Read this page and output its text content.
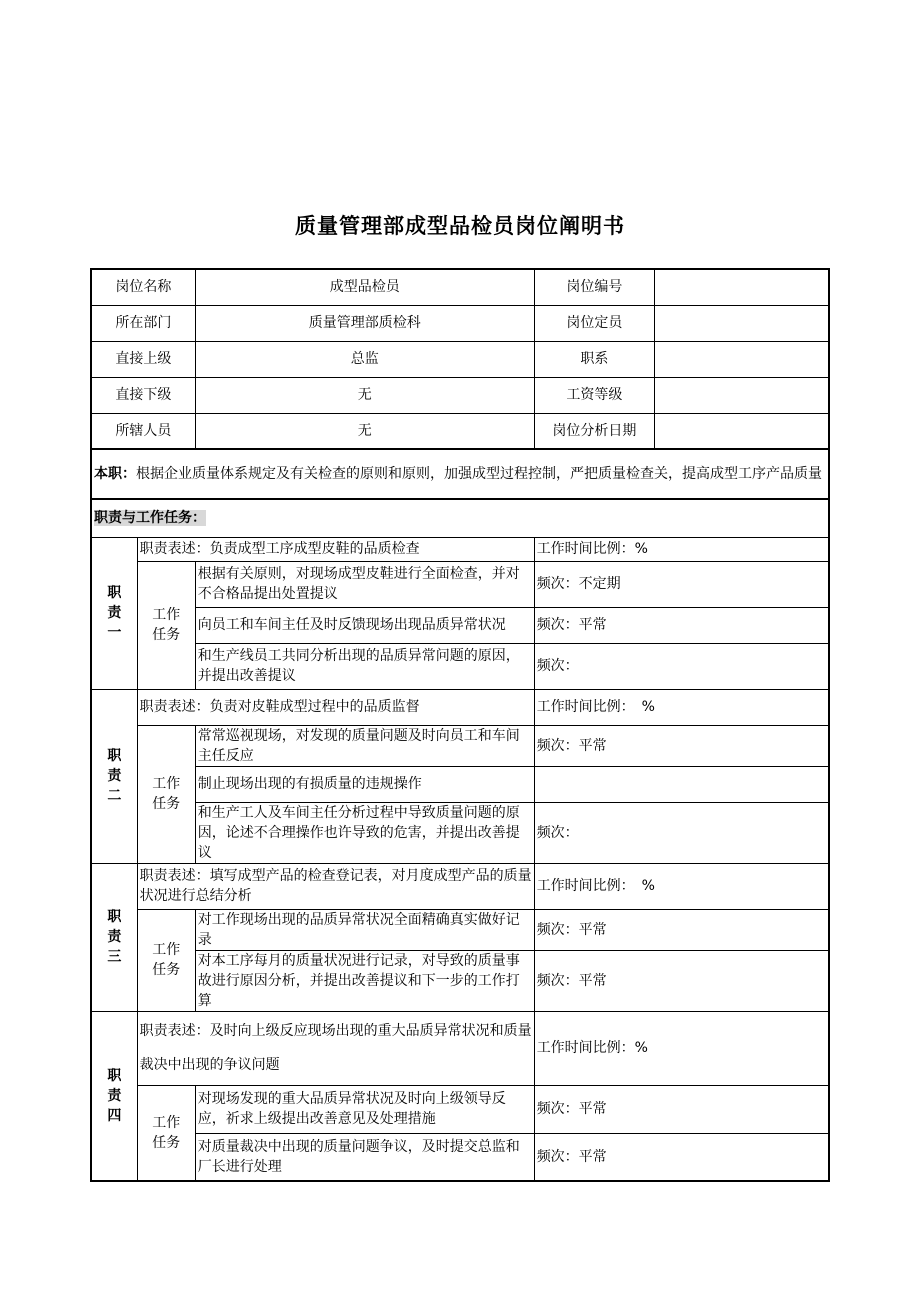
质量管理部成型品检员岗位阐明书
岗位名称		成型品检员	岗位编号	
所在部门		质量管理部质检科	岗位定员	
直接上级		总监	职系	
直接下级		无	工资等级	
所辖人员		无	岗位分析日期	
本职：根据企业质量体系规定及有关检查的原则和原则，加强成型过程控制，严把质量检查关，提高成型工序产品质量				
职责与工作任务：				

职责一	职责表述：负责成型工序成型皮鞋的品质检查		工作时间比例：%	

	工作任务	根据有关原则，对现场成型皮鞋进行全面检查，并对不合格品提出处置提议	频次：不定期	
		向员工和车间主任及时反馈现场出现品质异常状况	频次：平常	
		和生产线员工共同分析出现的品质异常问题的原因，并提出改善提议	频次：	

职责二	职责表述：负责对皮鞋成型过程中的品质监督		工作时间比例：　%	

	工作任务	常常巡视现场，对发现的质量问题及时向员工和车间主任反应	频次：平常	
		制止现场出现的有损质量的违规操作		
		和生产工人及车间主任分析过程中导致质量问题的原因，论述不合理操作也许导致的危害，并提出改善提议	频次：	

职责三	职责表述：填写成型产品的检查登记表，对月度成型产品的质量状况进行总结分析		工作时间比例：　%	

	工作任务	对工作现场出现的品质异常状况全面精确真实做好记录	频次：平常	
		对本工序每月的质量状况进行记录，对导致的质量事故进行原因分析，并提出改善提议和下一步的工作打算	频次：平常	

职责四	职责表述：及时向上级反应现场出现的重大品质异常状况和质量裁决中出现的争议问题		工作时间比例：%	

	工作任务	对现场发现的重大品质异常状况及时向上级领导反应，祈求上级提出改善意见及处理措施	频次：平常	
		对质量裁决中出现的质量问题争议，及时提交总监和厂长进行处理	频次：平常	
